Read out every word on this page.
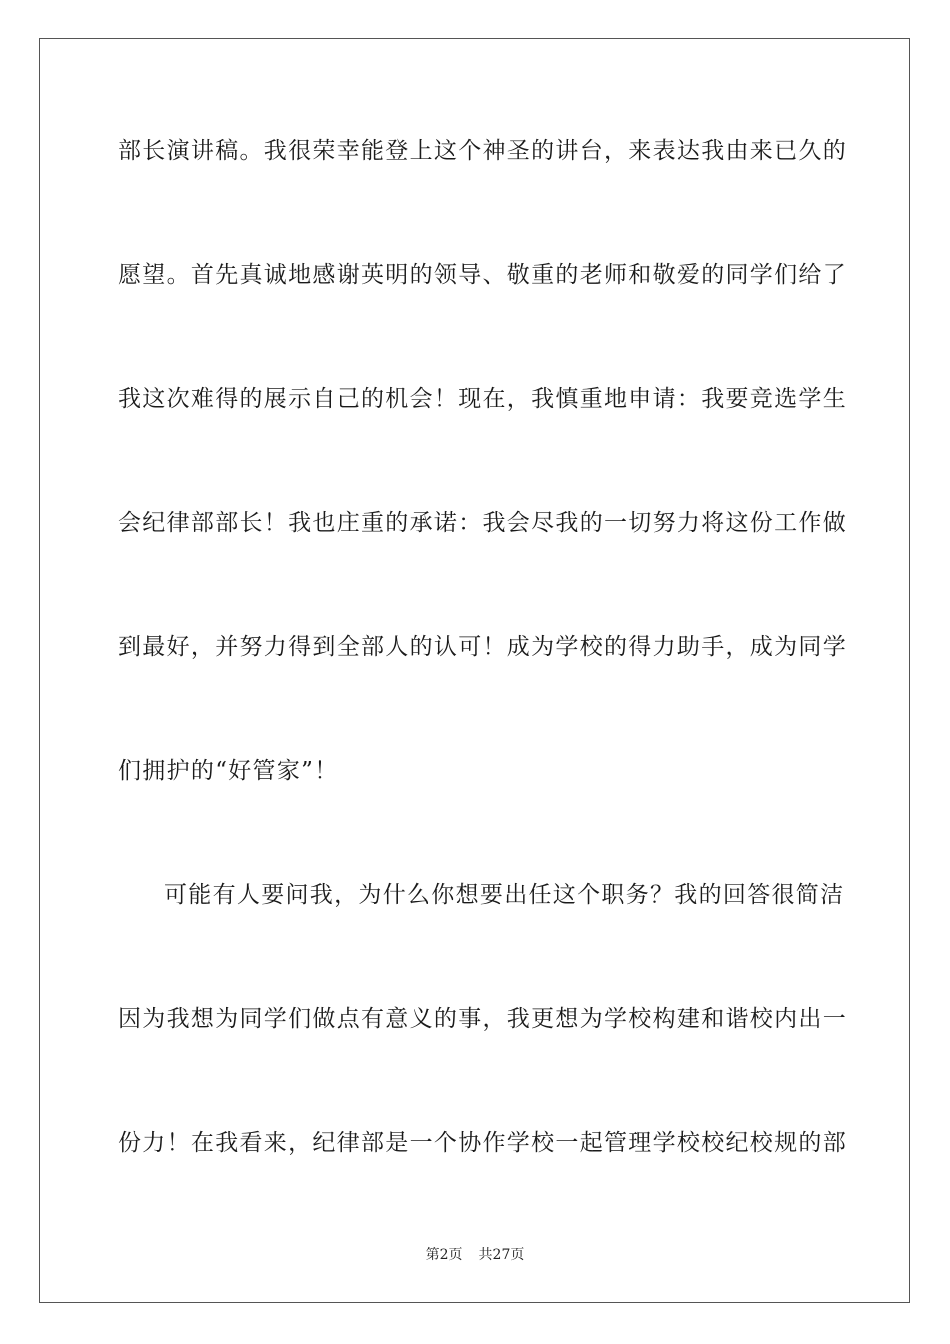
部长演讲稿。我很荣幸能登上这个神圣的讲台，来表达我由来已久的
愿望。首先真诚地感谢英明的领导、敬重的老师和敬爱的同学们给了
我这次难得的展示自己的机会！现在，我慎重地申请：我要竞选学生
会纪律部部长！我也庄重的承诺：我会尽我的一切努力将这份工作做
到最好，并努力得到全部人的认可！成为学校的得力助手，成为同学
们拥护的“好管家”！
可能有人要问我，为什么你想要出任这个职务？我的回答很简洁
因为我想为同学们做点有意义的事，我更想为学校构建和谐校内出一
份力！在我看来，纪律部是一个协作学校一起管理学校校纪校规的部
第2页 共27页
